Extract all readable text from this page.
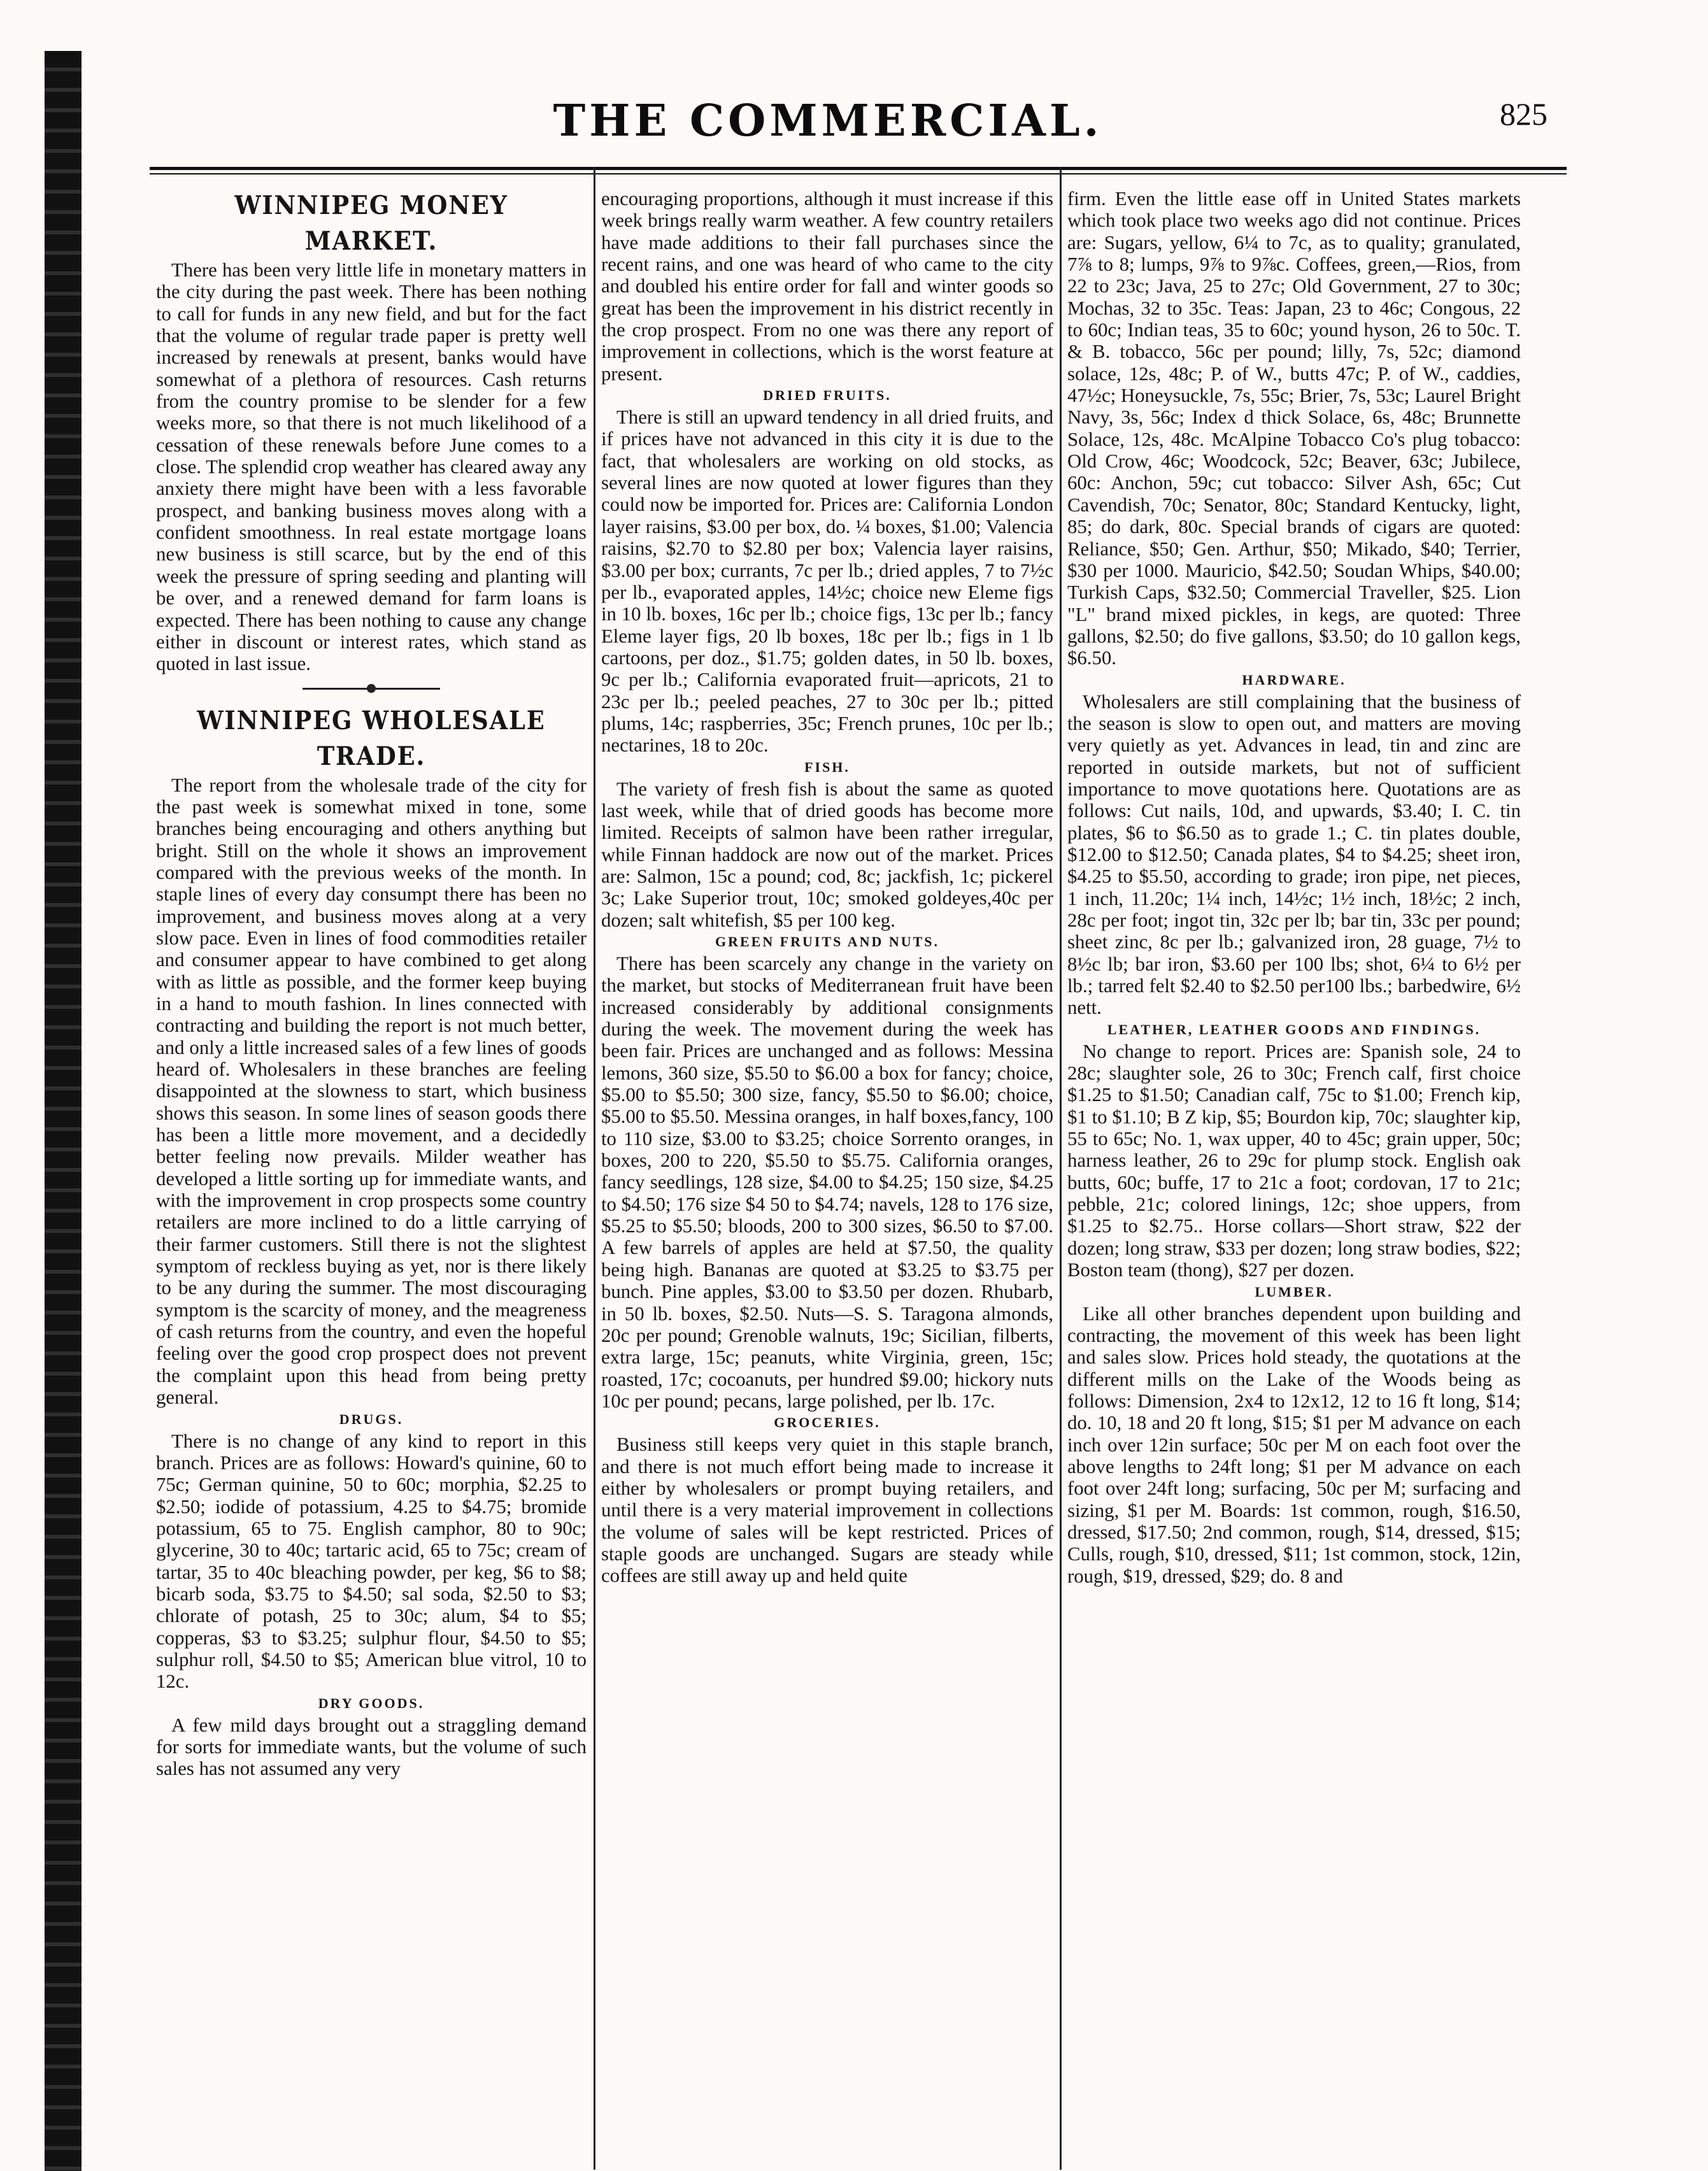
THE COMMERCIAL.	825
WINNIPEG MONEY MARKET.

There has been very little life in monetary matters in the city during the past week. There has been nothing to call for funds in any new field, and but for the fact that the volume of regular trade paper is pretty well increased by renewals at present, banks would have somewhat of a plethora of resources. Cash returns from the country promise to be slender for a few weeks more, so that there is not much likelihood of a cessation of these renewals before June comes to a close. The splendid crop weather has cleared away any anxiety there might have been with a less favorable prospect, and banking business moves along with a confident smoothness. In real estate mortgage loans new business is still scarce, but by the end of this week the pressure of spring seeding and planting will be over, and a renewed demand for farm loans is expected. There has been nothing to cause any change either in discount or interest rates, which stand as quoted in last issue.

WINNIPEG WHOLESALE TRADE.

The report from the wholesale trade of the city for the past week is somewhat mixed in tone, some branches being encouraging and others anything but bright. Still on the whole it shows an improvement compared with the previous weeks of the month. In staple lines of every day consumpt there has been no improvement, and business moves along at a very slow pace. Even in lines of food commodities retailer and consumer appear to have combined to get along with as little as possible, and the former keep buying in a hand to mouth fashion. In lines connected with contracting and building the report is not much better, and only a little increased sales of a few lines of goods heard of. Wholesalers in these branches are feeling disappointed at the slowness to start, which business shows this season. In some lines of season goods there has been a little more movement, and a decidedly better feeling now prevails. Milder weather has developed a little sorting up for immediate wants, and with the improvement in crop prospects some country retailers are more inclined to do a little carrying of their farmer customers. Still there is not the slightest symptom of reckless buying as yet, nor is there likely to be any during the summer. The most discouraging symptom is the scarcity of money, and the meagreness of cash returns from the country, and even the hopeful feeling over the good crop prospect does not prevent the complaint upon this head from being pretty general.

DRUGS.

There is no change of any kind to report in this branch. Prices are as follows: Howard's quinine, 60 to 75c; German quinine, 50 to 60c; morphia, $2.25 to $2.50; iodide of potassium, 4.25 to $4.75; bromide potassium, 65 to 75. English camphor, 80 to 90c; glycerine, 30 to 40c; tartaric acid, 65 to 75c; cream of tartar, 35 to 40c bleaching powder, per keg, $6 to $8; bicarb soda, $3.75 to $4.50; sal soda, $2.50 to $3; chlorate of potash, 25 to 30c; alum, $4 to $5; copperas, $3 to $3.25; sulphur flour, $4.50 to $5; sulphur roll, $4.50 to $5; American blue vitrol, 10 to 12c.

DRY GOODS.

A few mild days brought out a straggling demand for sorts for immediate wants, but the volume of such sales has not assumed any very

encouraging proportions, although it must increase if this week brings really warm weather. A few country retailers have made additions to their fall purchases since the recent rains, and one was heard of who came to the city and doubled his entire order for fall and winter goods so great has been the improvement in his district recently in the crop prospect. From no one was there any report of improvement in collections, which is the worst feature at present.

DRIED FRUITS.

There is still an upward tendency in all dried fruits, and if prices have not advanced in this city it is due to the fact, that wholesalers are working on old stocks, as several lines are now quoted at lower figures than they could now be imported for. Prices are: California London layer raisins, $3.00 per box, do. ¼ boxes, $1.00; Valencia raisins, $2.70 to $2.80 per box; Valencia layer raisins, $3.00 per box; currants, 7c per lb.; dried apples, 7 to 7½c per lb., evaporated apples, 14½c; choice new Eleme figs in 10 lb. boxes, 16c per lb.; choice figs, 13c per lb.; fancy Eleme layer figs, 20 lb boxes, 18c per lb.; figs in 1 lb cartoons, per doz., $1.75; golden dates, in 50 lb. boxes, 9c per lb.; California evaporated fruit—apricots, 21 to 23c per lb.; peeled peaches, 27 to 30c per lb.; pitted plums, 14c; raspberries, 35c; French prunes, 10c per lb.; nectarines, 18 to 20c.

FISH.

The variety of fresh fish is about the same as quoted last week, while that of dried goods has become more limited. Receipts of salmon have been rather irregular, while Finnan haddock are now out of the market. Prices are: Salmon, 15c a pound; cod, 8c; jackfish, 1c; pickerel 3c; Lake Superior trout, 10c; smoked goldeyes,40c per dozen; salt whitefish, $5 per 100 keg.

GREEN FRUITS AND NUTS.

There has been scarcely any change in the variety on the market, but stocks of Mediterranean fruit have been increased considerably by additional consignments during the week. The movement during the week has been fair. Prices are unchanged and as follows: Messina lemons, 360 size, $5.50 to $6.00 a box for fancy; choice, $5.00 to $5.50; 300 size, fancy, $5.50 to $6.00; choice, $5.00 to $5.50. Messina oranges, in half boxes,fancy, 100 to 110 size, $3.00 to $3.25; choice Sorrento oranges, in boxes, 200 to 220, $5.50 to $5.75. California oranges, fancy seedlings, 128 size, $4.00 to $4.25; 150 size, $4.25 to $4.50; 176 size $4 50 to $4.74; navels, 128 to 176 size, $5.25 to $5.50; bloods, 200 to 300 sizes, $6.50 to $7.00. A few barrels of apples are held at $7.50, the quality being high. Bananas are quoted at $3.25 to $3.75 per bunch. Pine apples, $3.00 to $3.50 per dozen. Rhubarb, in 50 lb. boxes, $2.50. Nuts—S. S. Taragona almonds, 20c per pound; Grenoble walnuts, 19c; Sicilian, filberts, extra large, 15c; peanuts, white Virginia, green, 15c; roasted, 17c; cocoanuts, per hundred $9.00; hickory nuts 10c per pound; pecans, large polished, per lb. 17c.

GROCERIES.

Business still keeps very quiet in this staple branch, and there is not much effort being made to increase it either by wholesalers or prompt buying retailers, and until there is a very material improvement in collections the volume of sales will be kept restricted. Prices of staple goods are unchanged. Sugars are steady while coffees are still away up and held quite

firm. Even the little ease off in United States markets which took place two weeks ago did not continue. Prices are: Sugars, yellow, 6¼ to 7c, as to quality; granulated, 7⅞ to 8; lumps, 9⅞ to 9⅞c. Coffees, green,—Rios, from 22 to 23c; Java, 25 to 27c; Old Government, 27 to 30c; Mochas, 32 to 35c. Teas: Japan, 23 to 46c; Congous, 22 to 60c; Indian teas, 35 to 60c; yound hyson, 26 to 50c. T. & B. tobacco, 56c per pound; lilly, 7s, 52c; diamond solace, 12s, 48c; P. of W., butts 47c; P. of W., caddies, 47½c; Honeysuckle, 7s, 55c; Brier, 7s, 53c; Laurel Bright Navy, 3s, 56c; Index d thick Solace, 6s, 48c; Brunnette Solace, 12s, 48c. McAlpine Tobacco Co's plug tobacco: Old Crow, 46c; Woodcock, 52c; Beaver, 63c; Jubilece, 60c: Anchon, 59c; cut tobacco: Silver Ash, 65c; Cut Cavendish, 70c; Senator, 80c; Standard Kentucky, light, 85; do dark, 80c. Special brands of cigars are quoted: Reliance, $50; Gen. Arthur, $50; Mikado, $40; Terrier, $30 per 1000. Mauricio, $42.50; Soudan Whips, $40.00; Turkish Caps, $32.50; Commercial Traveller, $25. Lion "L" brand mixed pickles, in kegs, are quoted: Three gallons, $2.50; do five gallons, $3.50; do 10 gallon kegs, $6.50.

HARDWARE.

Wholesalers are still complaining that the business of the season is slow to open out, and matters are moving very quietly as yet. Advances in lead, tin and zinc are reported in outside markets, but not of sufficient importance to move quotations here. Quotations are as follows: Cut nails, 10d, and upwards, $3.40; I. C. tin plates, $6 to $6.50 as to grade 1.; C. tin plates double, $12.00 to $12.50; Canada plates, $4 to $4.25; sheet iron, $4.25 to $5.50, according to grade; iron pipe, net pieces, 1 inch, 11.20c; 1¼ inch, 14½c; 1½ inch, 18½c; 2 inch, 28c per foot; ingot tin, 32c per lb; bar tin, 33c per pound; sheet zinc, 8c per lb.; galvanized iron, 28 guage, 7½ to 8½c lb; bar iron, $3.60 per 100 lbs; shot, 6¼ to 6½ per lb.; tarred felt $2.40 to $2.50 per100 lbs.; barbedwire, 6½ nett.

LEATHER, LEATHER GOODS AND FINDINGS.

No change to report. Prices are: Spanish sole, 24 to 28c; slaughter sole, 26 to 30c; French calf, first choice $1.25 to $1.50; Canadian calf, 75c to $1.00; French kip, $1 to $1.10; B Z kip, $5; Bourdon kip, 70c; slaughter kip, 55 to 65c; No. 1, wax upper, 40 to 45c; grain upper, 50c; harness leather, 26 to 29c for plump stock. English oak butts, 60c; buffe, 17 to 21c a foot; cordovan, 17 to 21c; pebble, 21c; colored linings, 12c; shoe uppers, from $1.25 to $2.75.. Horse collars—Short straw, $22 der dozen; long straw, $33 per dozen; long straw bodies, $22; Boston team (thong), $27 per dozen.

LUMBER.

Like all other branches dependent upon building and contracting, the movement of this week has been light and sales slow. Prices hold steady, the quotations at the different mills on the Lake of the Woods being as follows: Dimension, 2x4 to 12x12, 12 to 16 ft long, $14; do. 10, 18 and 20 ft long, $15; $1 per M advance on each inch over 12in surface; 50c per M on each foot over the above lengths to 24ft long; $1 per M advance on each foot over 24ft long; surfacing, 50c per M; surfacing and sizing, $1 per M. Boards: 1st common, rough, $16.50, dressed, $17.50; 2nd common, rough, $14, dressed, $15; Culls, rough, $10, dressed, $11; 1st common, stock, 12in, rough, $19, dressed, $29; do. 8 and
